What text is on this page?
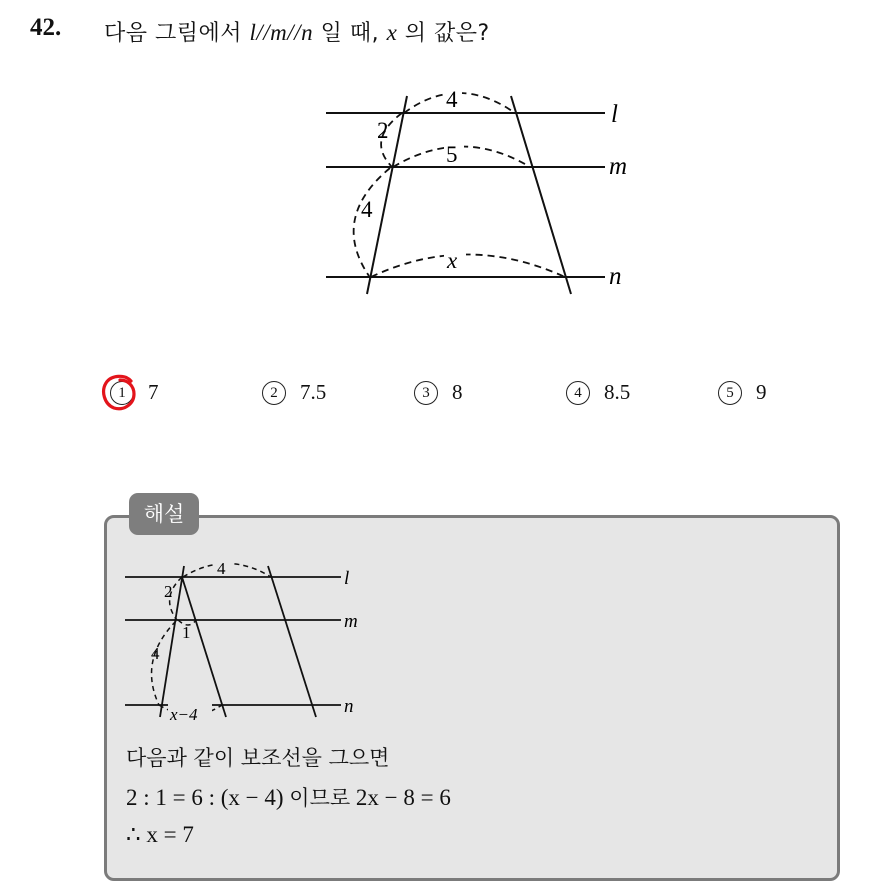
42. 다음 그림에서 l//m//n 일 때, x 의 값은?
4
5
x
2
4
l
m
n
1	7	2	7.5	3	8	4	8.5	5	9
해설
4
x−4
2
1
4
l
m
n
다음과 같이 보조선을 그으면
2 : 1 = 6 : (x − 4) 이므로 2x − 8 = 6
∴ x = 7
